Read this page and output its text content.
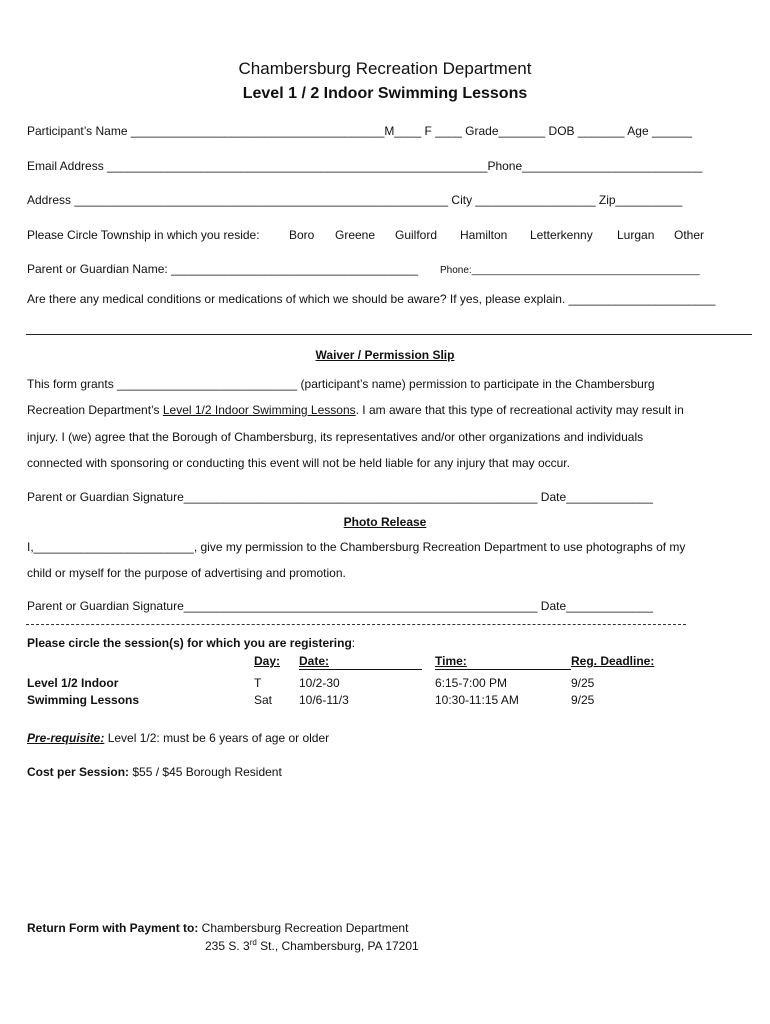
Chambersburg Recreation Department
Level 1 / 2 Indoor Swimming Lessons
Participant’s Name ______________________________________M____ F ____ Grade_______ DOB _______ Age ______
Email Address _________________________________________________________Phone___________________________
Address ________________________________________________________ City __________________ Zip__________
Please Circle Township in which you reside: Boro Greene Guilford Hamilton Letterkenny Lurgan Other
Parent or Guardian Name: _____________________________________ Phone:_________________________________________
Are there any medical conditions or medications of which we should be aware? If yes, please explain. ______________________
Waiver / Permission Slip
This form grants ___________________________ (participant’s name) permission to participate in the Chambersburg
Recreation Department’s Level 1/2 Indoor Swimming Lessons. I am aware that this type of recreational activity may result in
injury. I (we) agree that the Borough of Chambersburg, its representatives and/or other organizations and individuals
connected with sponsoring or conducting this event will not be held liable for any injury that may occur.
Parent or Guardian Signature_____________________________________________________ Date_____________
Photo Release
I,________________________, give my permission to the Chambersburg Recreation Department to use photographs of my
child or myself for the purpose of advertising and promotion.
Parent or Guardian Signature_____________________________________________________ Date_____________
Please circle the session(s) for which you are registering:
Day: Date:	Time:	Reg. Deadline:
Level 1/2 Indoor
Swimming Lessons
T	10/2-30	6:15-7:00 PM	9/25
Sat 10/6-11/3	10:30-11:15 AM	9/25
Pre-requisite: Level 1/2: must be 6 years of age or older
Cost per Session: $55 / $45 Borough Resident
Return Form with Payment to: Chambersburg Recreation Department
235 S. 3rd St., Chambersburg, PA 17201
